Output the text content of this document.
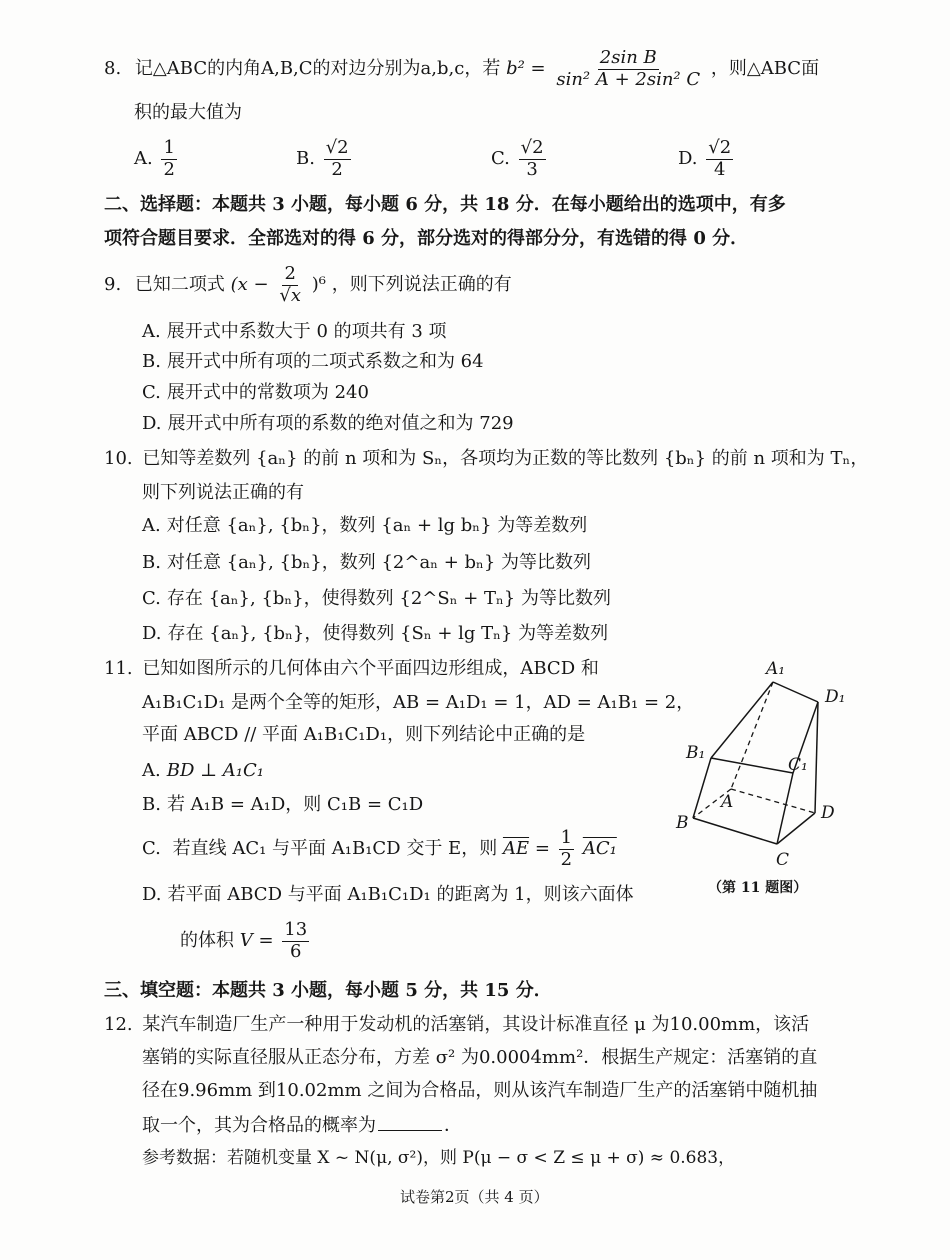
8. 记△ABC的内角A,B,C的对边分别为a,b,c，若 $b^2 = \frac{\text{2sin B}}{\text{sin² A + 2sin² C}}$ ，则△ABC面
积的最大值为
A. $\frac{1}{2}$	B. $\frac{√2}{2}$	C. $\frac{√2}{3}$	D. $\frac{√2}{4}$
二、选择题：本题共 3 小题，每小题 6 分，共 18 分．在每小题给出的选项中，有多
项符合题目要求．全部选对的得 6 分，部分选对的得部分分，有选错的得 0 分．
9. 已知二项式 $(x - \frac{2}{√x} )^6$ ，则下列说法正确的有
A. 展开式中系数大于 0 的项共有 3 项
B. 展开式中所有项的二项式系数之和为 64
C. 展开式中的常数项为 240
D. 展开式中所有项的系数的绝对值之和为 729
10. 已知等差数列 {aₙ} 的前 n 项和为 Sₙ，各项均为正数的等比数列 {bₙ} 的前 n 项和为 Tₙ，
则下列说法正确的有
A. 对任意 {aₙ}, {bₙ}，数列 {aₙ + lg bₙ} 为等差数列
B. 对任意 {aₙ}, {bₙ}，数列 {2^aₙ + bₙ} 为等比数列
C. 存在 {aₙ}, {bₙ}，使得数列 {2^Sₙ + Tₙ} 为等比数列
D. 存在 {aₙ}, {bₙ}，使得数列 {Sₙ + lg Tₙ} 为等差数列
11. 已知如图所示的几何体由六个平面四边形组成，ABCD 和
A₁B₁C₁D₁ 是两个全等的矩形，AB = A₁D₁ = 1，AD = A₁B₁ = 2，
平面 ABCD // 平面 A₁B₁C₁D₁，则下列结论中正确的是
A. BD ⊥ A₁C₁
B. 若 A₁B = A₁D，则 C₁B = C₁D
C. 若直线 AC₁ 与平面 A₁B₁CD 交于 E，则 $\overline{AE} = \frac{1}{2} AC_1$
D. 若平面 ABCD 与平面 A₁B₁C₁D₁ 的距离为 1，则该六面体
的体积 $V = \frac{13}{6}$
A₁
D₁
B₁
C₁
A
B
C
D
（第 11 题图）
三、填空题：本题共 3 小题，每小题 5 分，共 15 分．
12. 某汽车制造厂生产一种用于发动机的活塞销，其设计标准直径 μ 为10.00mm，该活
塞销的实际直径服从正态分布，方差 σ² 为0.0004mm²．根据生产规定：活塞销的直
径在9.96mm 到10.02mm 之间为合格品，则从该汽车制造厂生产的活塞销中随机抽
取一个，其为合格品的概率为	．
参考数据：若随机变量 X ~ N(μ, σ²)，则 P(μ − σ < Z ≤ μ + σ) ≈ 0.683，
试卷第2页（共 4 页）
